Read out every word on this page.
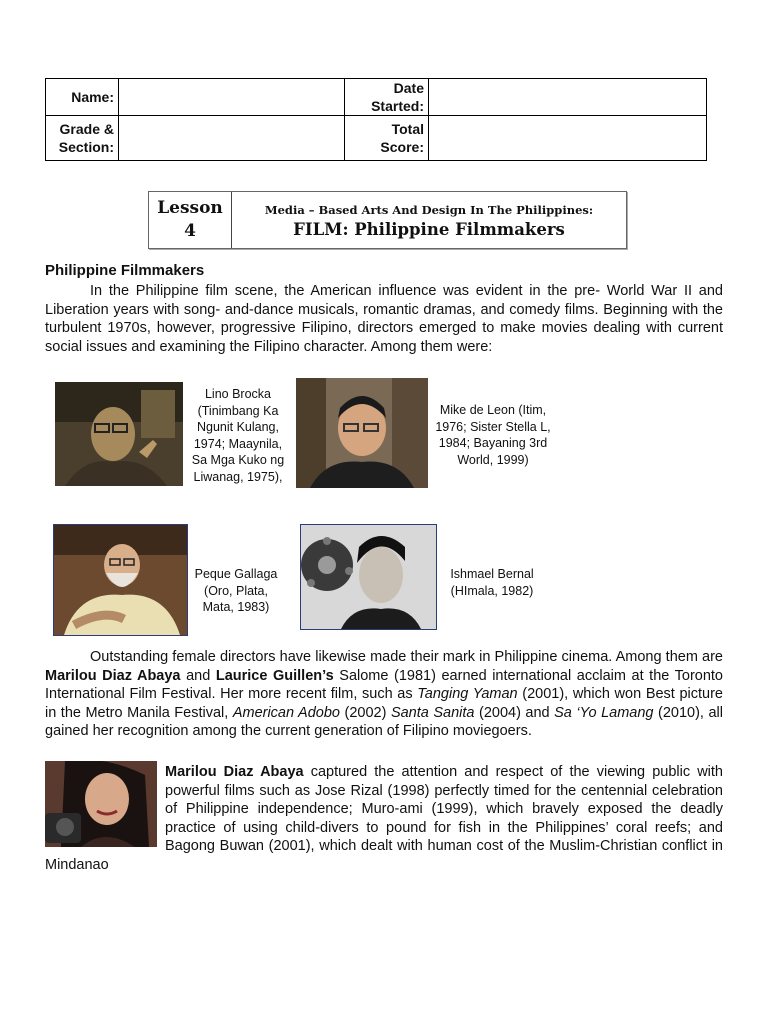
Name:		Date
Started:	
Grade &
Section:		Total
Score:	
Lesson
4
Media – Based Arts And Design In The Philippines:
FILM: Philippine Filmmakers
Philippine Filmmakers

In the Philippine film scene, the American influence was evident in the pre- World War II and Liberation years with song- and-dance musicals, romantic dramas, and comedy films. Beginning with the turbulent 1970s, however, progressive Filipino, directors emerged to make movies dealing with current social issues and examining the Filipino character. Among them were:

Lino Brocka (Tinimbang Ka Ngunit Kulang, 1974; Maaynila, Sa Mga Kuko ng Liwanag, 1975),
Mike de Leon (Itim, 1976; Sister Stella L, 1984; Bayaning 3rd World, 1999)
Peque Gallaga (Oro, Plata, Mata, 1983)
Ishmael Bernal (HImala, 1982)

Outstanding female directors have likewise made their mark in Philippine cinema. Among them are Marilou Diaz Abaya and Laurice Guillen’s Salome (1981) earned international acclaim at the Toronto International Film Festival. Her more recent film, such as Tanging Yaman (2001), which won Best picture in the Metro Manila Festival, American Adobo (2002) Santa Sanita (2004) and Sa ‘Yo Lamang (2010), all gained her recognition among the current generation of Filipino moviegoers.

Marilou Diaz Abaya captured the attention and respect of the viewing public with powerful films such as Jose Rizal (1998) perfectly timed for the centennial celebration of Philippine independence; Muro-ami (1999), which bravely exposed the deadly practice of using child-divers to pound for fish in the Philippines’ coral reefs; and Bagong Buwan (2001), which dealt with human cost of the Muslim-Christian conflict in Mindanao
